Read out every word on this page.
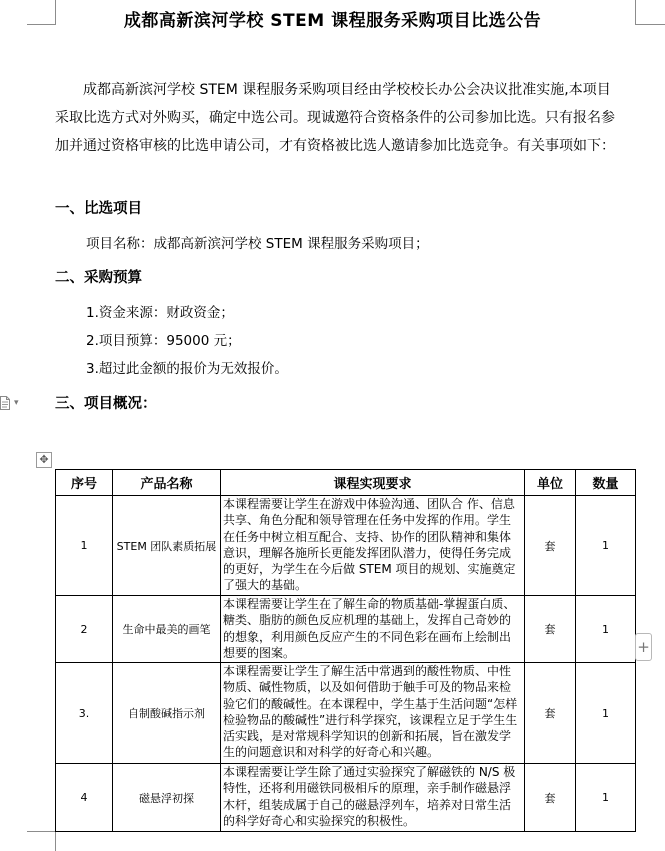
成都高新滨河学校 STEM 课程服务采购项目比选公告

成都高新滨河学校 STEM 课程服务采购项目经由学校校长办公会决议批准实施,本项目采取比选方式对外购买，确定中选公司。现诚邀符合资格条件的公司参加比选。只有报名参加并通过资格审核的比选申请公司，才有资格被比选人邀请参加比选竞争。有关事项如下：

一、比选项目
项目名称：成都高新滨河学校 STEM 课程服务采购项目；
二、采购预算
1.资金来源：财政资金；
2.项目预算：95000 元；
3.超过此金额的报价为无效报价。
三、项目概况：
▾
✥
序号	产品名称	课程实现要求	单位	数量
1	STEM 团队素质拓展	本课程需要让学生在游戏中体验沟通、团队合 作、信息共享、角色分配和领导管理在任务中发挥的作用。学生在任务中树立相互配合、支持、协作的团队精神和集体意识，理解各施所长更能发挥团队潜力，使得任务完成的更好，为学生在今后做 STEM 项目的规划、实施奠定了强大的基础。	套	1
2	生命中最美的画笔	本课程需要让学生在了解生命的物质基础-掌握蛋白质、糖类、脂肪的颜色反应机理的基础上，发挥自己奇妙的的想象，利用颜色反应产生的不同色彩在画布上绘制出想要的图案。	套	1
3.	自制酸碱指示剂	本课程需要让学生了解生活中常遇到的酸性物质、中性物质、碱性物质，以及如何借助于触手可及的物品来检验它们的酸碱性。在本课程中，学生基于生活问题“怎样检验物品的酸碱性”进行科学探究，该课程立足于学生生活实践，是对常规科学知识的创新和拓展，旨在激发学生的问题意识和对科学的好奇心和兴趣。	套	1
4	磁悬浮初探	本课程需要让学生除了通过实验探究了解磁铁的 N/S 极特性，还将利用磁铁同极相斥的原理，亲手制作磁悬浮木杆，组装成属于自己的磁悬浮列车，培养对日常生活的科学好奇心和实验探究的积极性。	套	1
+
